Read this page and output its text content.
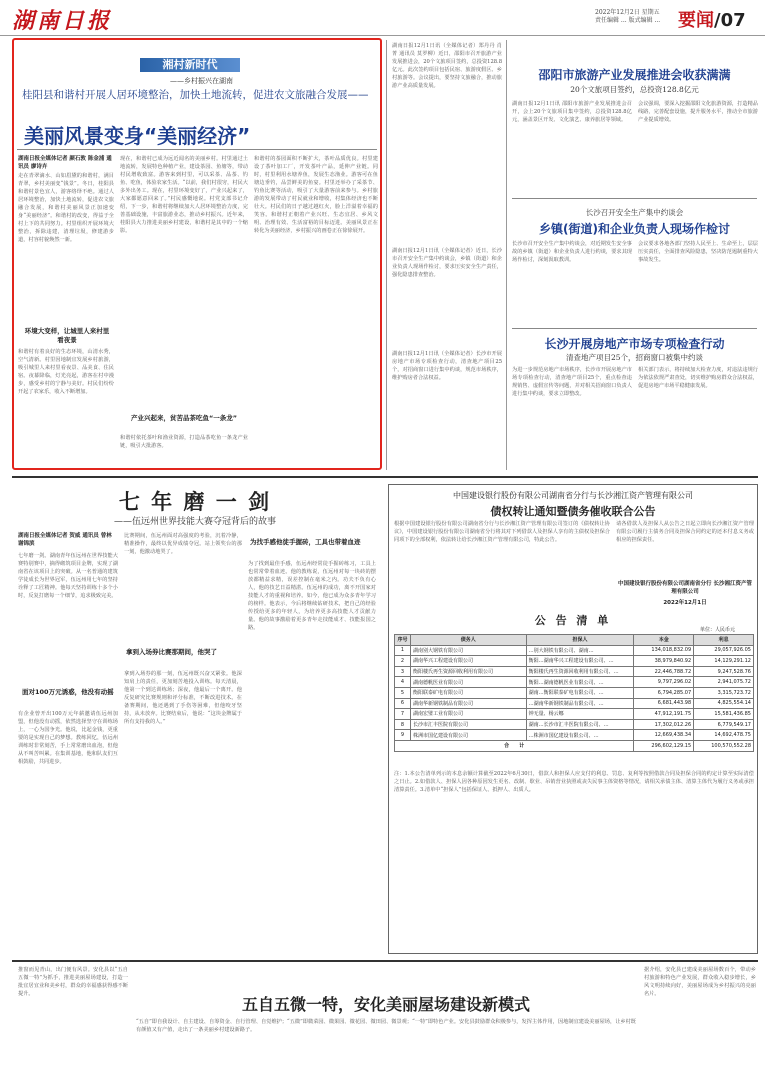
湖南日报	2022年12月2日 星期五
责任编辑 ... 版式编辑 ... 要闻/07
湘村新时代
——乡村振兴在湖南
桂阳县和谐村开展人居环境整治，加快土地流转，促进农文旅融合发展——
美丽风景变身“美丽经济”
湖南日报全媒体记者 颜石敦 陈金浦 通讯员 廖诗卉
走在青翠滴水、山如眉黛的和谐村，满目青翠，乡村美丽变“钱景”。冬日，桂阳县和谐村景色宜人，游客络绎不绝。通过人居环境整治，加快土地流转，促进农文旅融合发展，和谐村美丽风景正加速变身“美丽经济”。和谐村的改变，得益于全村上下的共同努力。村里组织开展环境大整治，拆除违建，清理垃圾，修建游步道，村容村貌焕然一新。
环境大变样，让城里人来村里看夜景
和谐村有着良好的生态环境，山清水秀，空气清新。村里因地制宜发展乡村旅游，吸引城里人来村里看夜景、品美食、住民宿。夜幕降临，灯光亮起，游客在村中漫步，感受乡村的宁静与美好。村民们纷纷开起了农家乐，收入不断增加。
现在，和谐村已成为远近闻名的美丽乡村。村里通过土地流转，发展特色种植产业，建设茶园、鱼塘等，带动村民增收致富。游客来到村里，可以采茶、品茶、钓鱼、吃鱼，体验农家生活。“以前，我们村很穷，村民大多外出务工。现在，村里环境变好了，产业兴起来了，大家都愿意回来了。”村民感慨地说。村党支部书记介绍，下一步，和谐村将继续加大人居环境整治力度，完善基础设施，丰富旅游业态，推动乡村振兴。近年来，桂阳县大力推进美丽乡村建设，和谐村是其中的一个缩影。
产业兴起来，贫苦品茶吃鱼“一条龙”
和谐村依托茶叶和渔业资源，打造品茶吃鱼一条龙产业链，吸引大批游客。
和谐村的茶园面积不断扩大，茶叶品质优良。村里建设了茶叶加工厂，开发茶叶产品，延伸产业链。同时，村里利用水塘养鱼，发展生态渔业。游客可在鱼塘边垂钓，品尝鲜美的鱼宴。村里还举办了采茶节、钓鱼比赛等活动，吸引了大量游客前来参与。乡村旅游的发展带动了村民就业和增收，村集体经济也不断壮大。村民们的日子越过越红火，脸上洋溢着幸福的笑容。和谐村正朝着产业兴旺、生态宜居、乡风文明、治理有效、生活富裕的目标迈进。美丽风景正在转化为美丽经济，乡村振兴的画卷正在徐徐展开。
湖南日报12月1日讯（全媒体记者）郑丹丹 肖菁 通讯员 莫罗柳）近日，邵阳市召开旅游产业发展推进会，20个文旅项目签约，总投资128.8亿元。此次签约项目包括民宿、旅游度假区、乡村旅游等。会议提出，要坚持文旅融合，推动旅游产业高质量发展。
湖南日报12月1日讯（全媒体记者）近日，长沙市召开安全生产集中约谈会，乡镇（街道）和企业负责人现场作检讨，要求压实安全生产责任，强化隐患排查整治。
湖南日报12月1日讯（全媒体记者）长沙市开展房地产市场专项检查行动，清查地产项目25个，对招商窗口进行集中约谈，规范市场秩序，维护购房者合法权益。
邵阳市旅游产业发展推进会收获满满
20个文旅项目签约，总投资128.8亿元
湖南日报12月1日讯 邵阳市旅游产业发展推进会召开，会上20个文旅项目集中签约，总投资128.8亿元，涵盖景区开发、文化演艺、康养旅居等领域。
会议强调，要深入挖掘邵阳文化旅游资源，打造精品线路，完善配套设施，提升服务水平，推动全市旅游产业提质增效。
长沙召开安全生产集中约谈会
乡镇(街道)和企业负责人现场作检讨
长沙市召开安全生产集中约谈会，对近期发生安全事故的乡镇（街道）和企业负责人进行约谈，要求其现场作检讨，深刻汲取教训。
会议要求各地各部门坚持人民至上、生命至上，层层压实责任，全面排查风险隐患，坚决防范遏制重特大事故发生。
长沙开展房地产市场专项检查行动
清查地产项目25个，招商窗口被集中约谈
为进一步规范房地产市场秩序，长沙市开展房地产市场专项检查行动，清查地产项目25个，重点检查违规销售、虚假宣传等问题，并对相关招商窗口负责人进行集中约谈，要求立即整改。
相关部门表示，将持续加大检查力度，对违法违规行为依法依规严肃查处，切实维护购房群众合法权益，促进房地产市场平稳健康发展。
七 年 磨 一 剑
——伍远州世界技能大赛夺冠背后的故事
湖南日报全媒体记者 贺威 通讯员 曾林 谢锦滨
七年磨一剑。湖南青年伍远州在世界技能大赛特别赛中，摘得砌筑项目金牌，实现了湖南省在该项目上的突破。从一名普通的建筑学徒成长为世界冠军，伍远州用七年的坚持诠释了工匠精神。他每天坚持训练十多个小时，反复打磨每一个细节，追求极致完美。
面对100万元诱惑，他没有动摇
有企业曾开出100万元年薪邀请伍远州加盟，但他没有动摇，依然选择坚守在训练场上，一心为国争光。他说，比起金钱，更重要的是实现自己的梦想。教练回忆，伍远州训练时非常刻苦，手上常常磨出血泡，但他从不叫苦叫累。在集训基地，他和队友们互相鼓励，共同进步。
比赛期间，伍远州面对高强度的考验，沉着冷静，精准操作，最终以优异成绩夺冠。站上领奖台的那一刻，他激动地哭了。
拿到入场券比赛那期间，他哭了
拿到入场券的那一刻，伍远州既兴奋又紧张。他深知肩上的责任，更加刻苦地投入训练。每天清晨，他第一个到达训练场；深夜，他最后一个离开。他反复研究比赛规则和评分标准，不断改进技术。在备赛期间，他还遇到了手伤等困难，但他咬牙坚持，从未放弃。比赛结束后，他说：“这块金牌属于所有支持我的人。”
为找手感他徒手握砖，工具也带着血迹
为了找到最佳手感，伍远州经常徒手握砖练习，工具上也常常带着血迹。他的教练说，伍远州对每一块砖的摆放都精益求精，误差控制在毫米之内。功夫不负有心人，他的技艺日益精湛。伍远州的成功，离不开国家对技能人才的重视和培养。如今，他已成为众多青年学习的榜样。他表示，今后将继续钻研技术，把自己的经验传授给更多的年轻人，为培养更多高技能人才贡献力量。他的故事激励着更多青年走技能成才、技能报国之路。
中国建设银行股份有限公司湖南省分行与长沙湘江资产管理有限公司
债权转让通知暨债务催收联合公告
根据中国建设银行股份有限公司湖南省分行与长沙湘江资产管理有限公司签订的《债权转让协议》，中国建设银行股份有限公司湖南省分行将其对下列借款人及担保人享有的主债权及担保合同项下的全部权利，依法转让给长沙湘江资产管理有限公司，特此公告。
请各借款人及担保人从公告之日起立即向长沙湘江资产管理有限公司履行主债务合同及担保合同约定的还本付息义务或相应的担保责任。
中国建设银行股份有限公司湖南省分行 长沙湘江资产管理有限公司
2022年12月1日
公 告 清 单
单位：人民币元
序号	债务人	担保人	本金	利息
1	湖南别大钢铁有限公司	…别大钢铁有限公司、湖南…	134,018,832.09	29,057,926.05
2	湖南华兴工程建设有限公司	衡阳…湖南华兴工程建设有限公司、…	38,979,840.92	14,129,291.12
3	衡阳楼氏再生资源回收利用有限公司	衡阳楼氏再生资源回收利用有限公司、…	22,446,788.72	9,247,528.76
4	湖南德帆医业有限公司	衡阳…湖南德帆医业有限公司、…	9,797,296.02	2,941,075.72
5	衡阳联泰矿电有限公司	湖南…衡阳联泰矿电有限公司、…	6,794,285.07	3,315,723.72
6	湖南华新钢铁制品有限公司	…湖南华新钢铁制品有限公司、…	6,681,443.98	4,825,554.14
7	湖南宏璧工业有限公司	钟无量、杨云娜	47,912,191.75	15,581,436.85
8	长沙市汇丰医院有限公司	湖南…长沙市汇丰医院有限公司、…	17,302,012.26	6,779,549.17
9	株洲市国亿建设有限公司	…株洲市国亿建设有限公司、…	12,669,438.34	14,692,478.75
合　　计			296,602,129.15	100,570,552.28
注：1.本公告清单列示的本息余额计算截至2022年6月30日，借款人和担保人应支付的利息、罚息、复利等按照借款合同及担保合同的约定计算至实际清偿之日止。2.如借款人、担保人因各种原因发生更名、改制、歇业、吊销营业执照或丧失民事主体资格等情况，请相关承债主体、清算主体代为履行义务或承担清算责任。3.清单中“担保人”包括保证人、抵押人、出质人。
推窗而见青山，出门便有风景。安化县以“五自五微一特”为抓手，推进美丽屋场建设，打造一批宜居宜业和美乡村，群众的幸福感获得感不断提升。
五自五微一特，安化美丽屋场建设新模式
“五自”即自我设计、自主建设、自筹资金、自行管理、自觉维护；“五微”即微菜园、微果园、微花园、微田园、微景观；“一特”即特色产业。安化县鼓励群众积极参与，发挥主体作用，因地制宜建设美丽屋场，让乡村既有颜值又有产值，走出了一条美丽乡村建设新路子。
据介绍，安化县已建成美丽屋场数百个，带动乡村旅游和特色产业发展，群众收入稳步增长，乡风文明持续向好，美丽屋场成为乡村振兴的亮丽名片。
